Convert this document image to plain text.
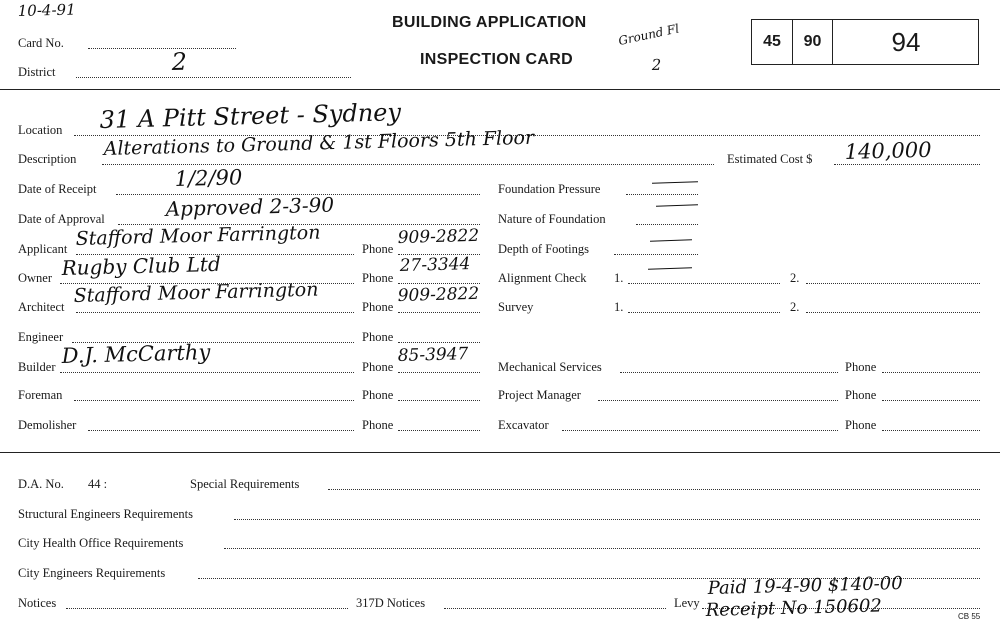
10-4-91
Card No.
District	2
BUILDING APPLICATION
INSPECTION CARD
Ground Fl
2
45	90	94
Location 31 A Pitt Street - Sydney
Description Alterations to Ground & 1st Floors 5th Floor	Estimated Cost $ 140,000
Date of Receipt	1/2/90
Date of Approval	Approved 2-3-90
Applicant Stafford Moor Farrington	Phone
909-2822
Owner Rugby Club Ltd	Phone
27-3344
Architect Stafford Moor Farrington	Phone
909-2822
Engineer	Phone
Builder D.J. McCarthy	Phone
85-3947
Foreman	Phone
Demolisher	Phone
Foundation Pressure
Nature of Foundation
Depth of Footings
Alignment Check 1.	2.
Survey	1.	2.
Mechanical Services	Phone
Project Manager	Phone
Excavator	Phone
D.A. No. 44 :	Special Requirements
Structural Engineers Requirements
City Health Office Requirements
City Engineers Requirements
Notices	317D Notices	Levy
Paid 19-4-90 $140-00
Receipt No 150602	CB 55
